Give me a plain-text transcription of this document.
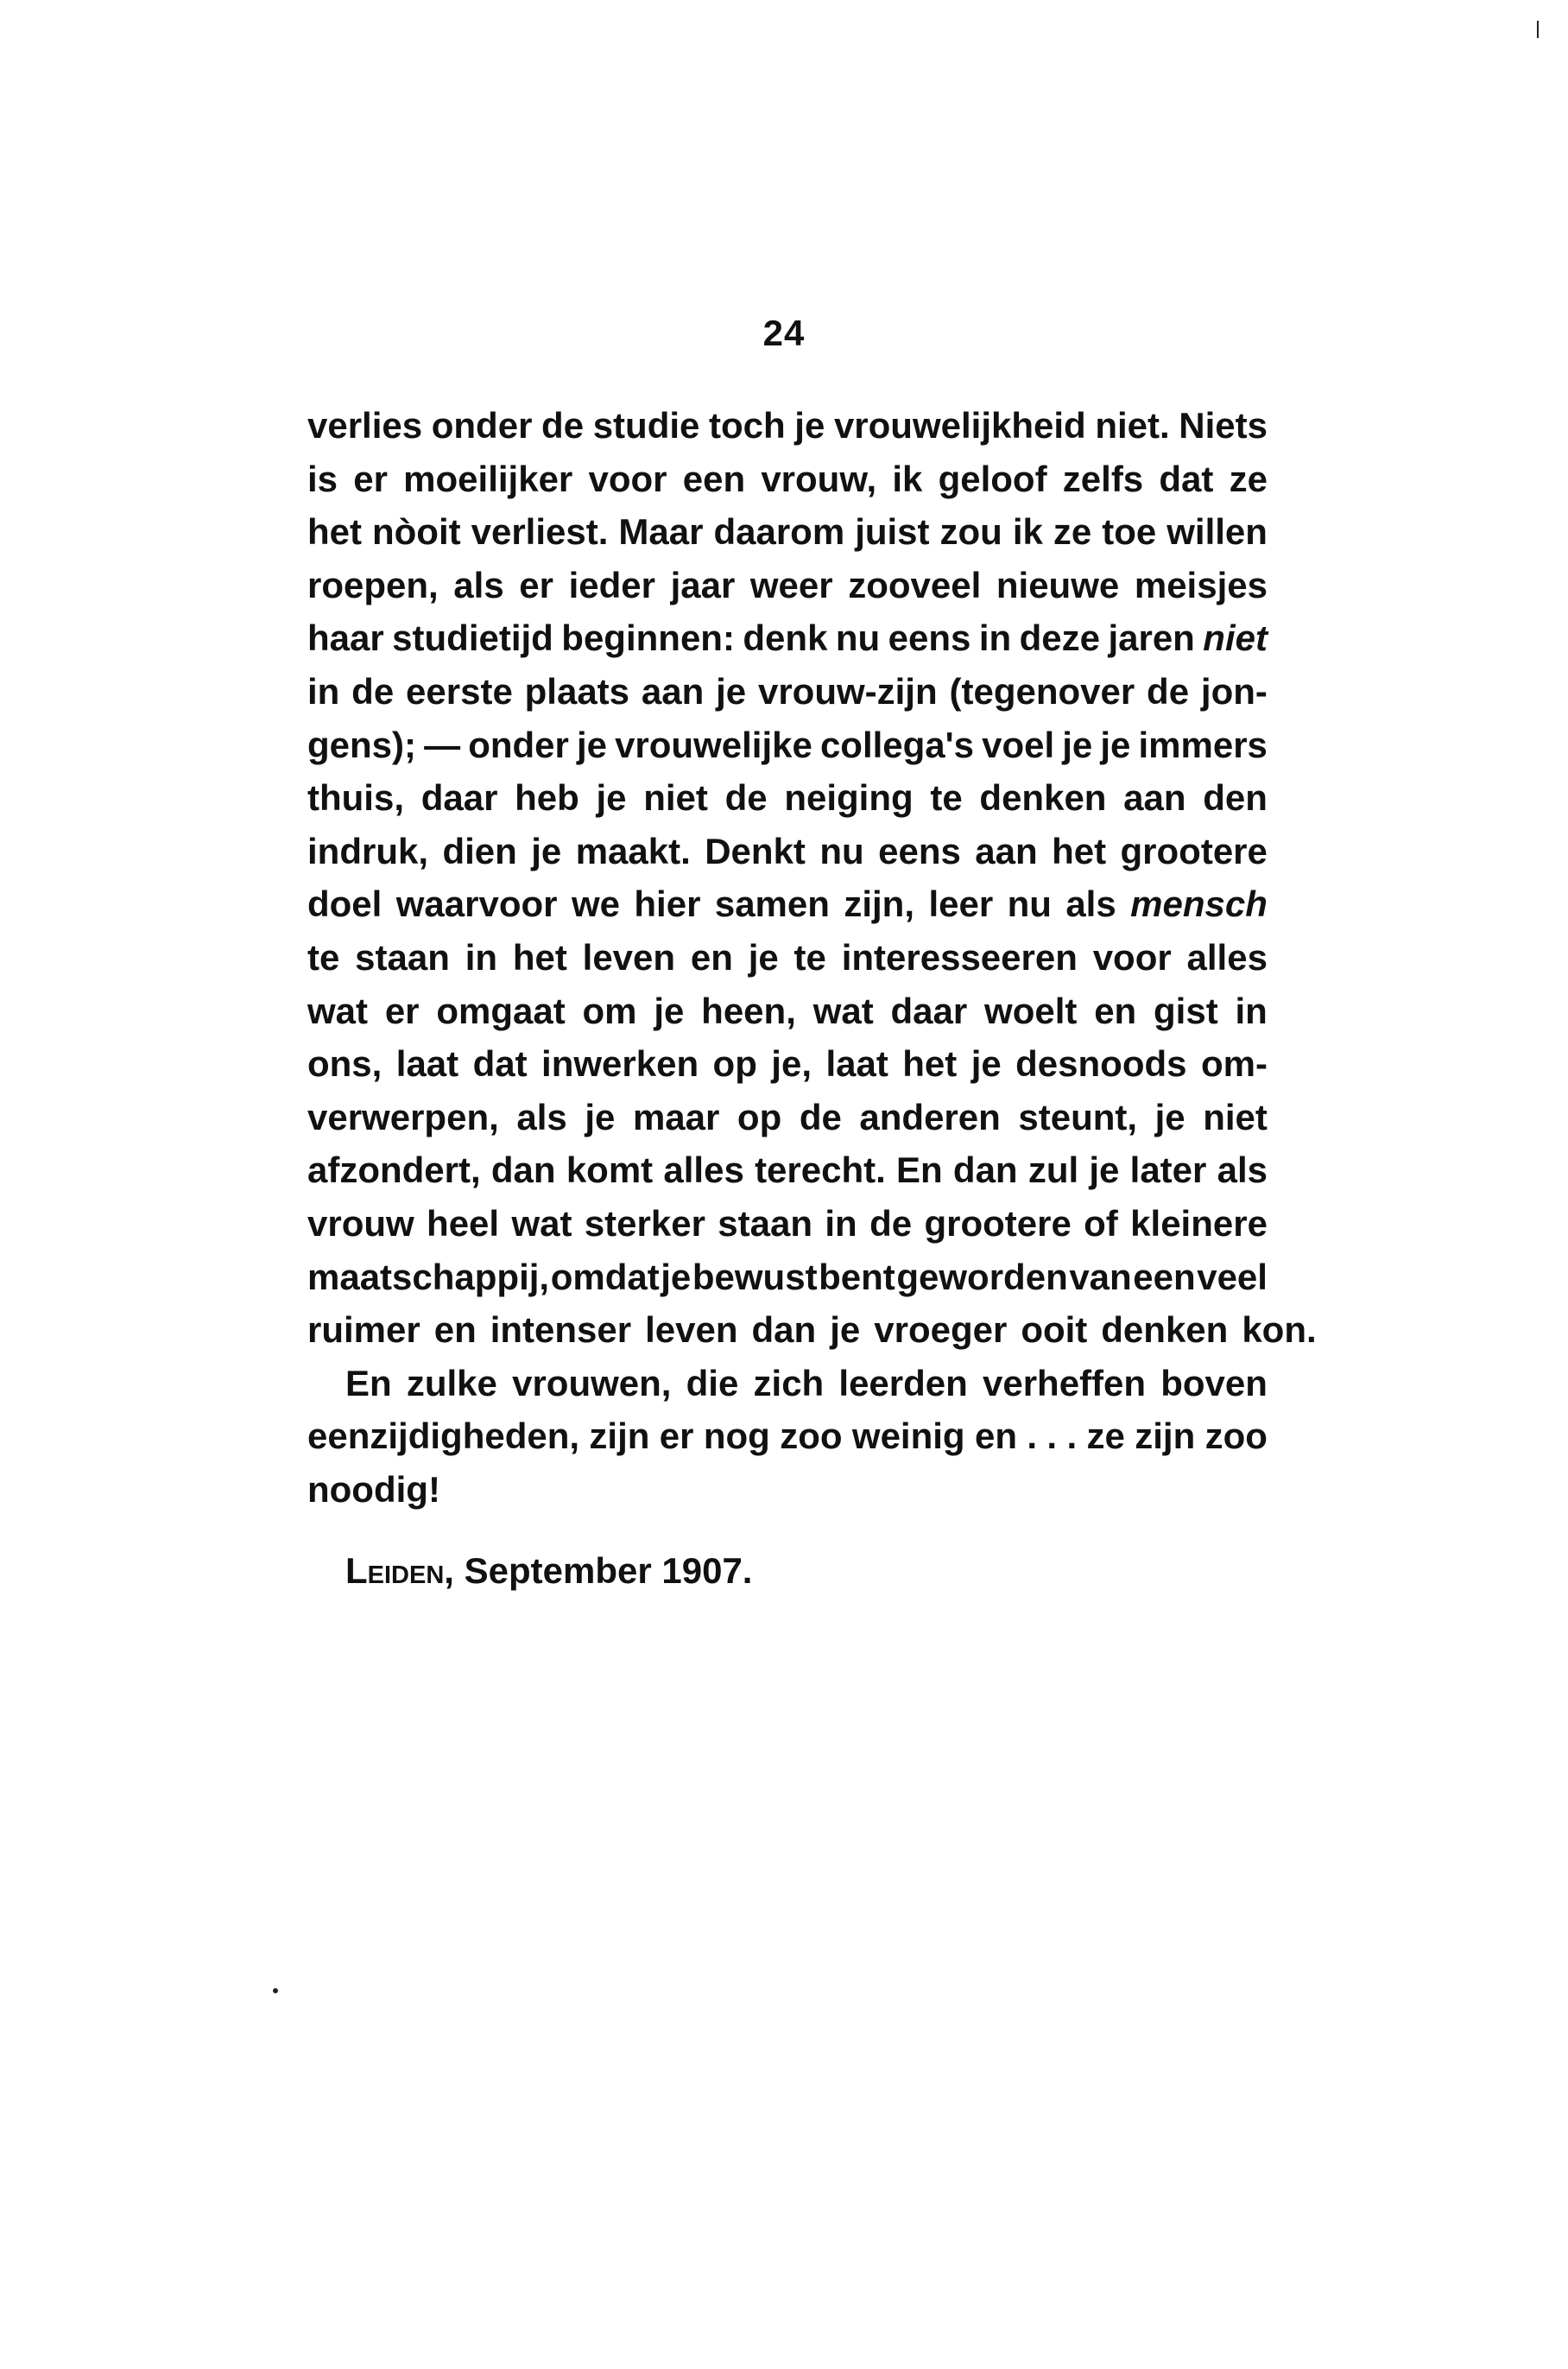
24
verlies onder de studie toch je vrouwelijkheid niet. Niets
is er moeilijker voor een vrouw, ik geloof zelfs dat ze
het nòoit verliest. Maar daarom juist zou ik ze toe willen
roepen, als er ieder jaar weer zooveel nieuwe meisjes
haar studietijd beginnen: denk nu eens in deze jaren niet
in de eerste plaats aan je vrouw-zijn (tegenover de jon-
gens); — onder je vrouwelijke collega's voel je je immers
thuis, daar heb je niet de neiging te denken aan den
indruk, dien je maakt. Denkt nu eens aan het grootere
doel waarvoor we hier samen zijn, leer nu als mensch
te staan in het leven en je te interesseeren voor alles
wat er omgaat om je heen, wat daar woelt en gist in
ons, laat dat inwerken op je, laat het je desnoods om-
verwerpen, als je maar op de anderen steunt, je niet
afzondert, dan komt alles terecht. En dan zul je later als
vrouw heel wat sterker staan in de grootere of kleinere
maatschappij, omdat je bewust bent geworden van een veel
ruimer en intenser leven dan je vroeger ooit denken kon.
En zulke vrouwen, die zich leerden verheffen boven
eenzijdigheden, zijn er nog zoo weinig en . . . ze zijn zoo
noodig!
Leiden, September 1907.
